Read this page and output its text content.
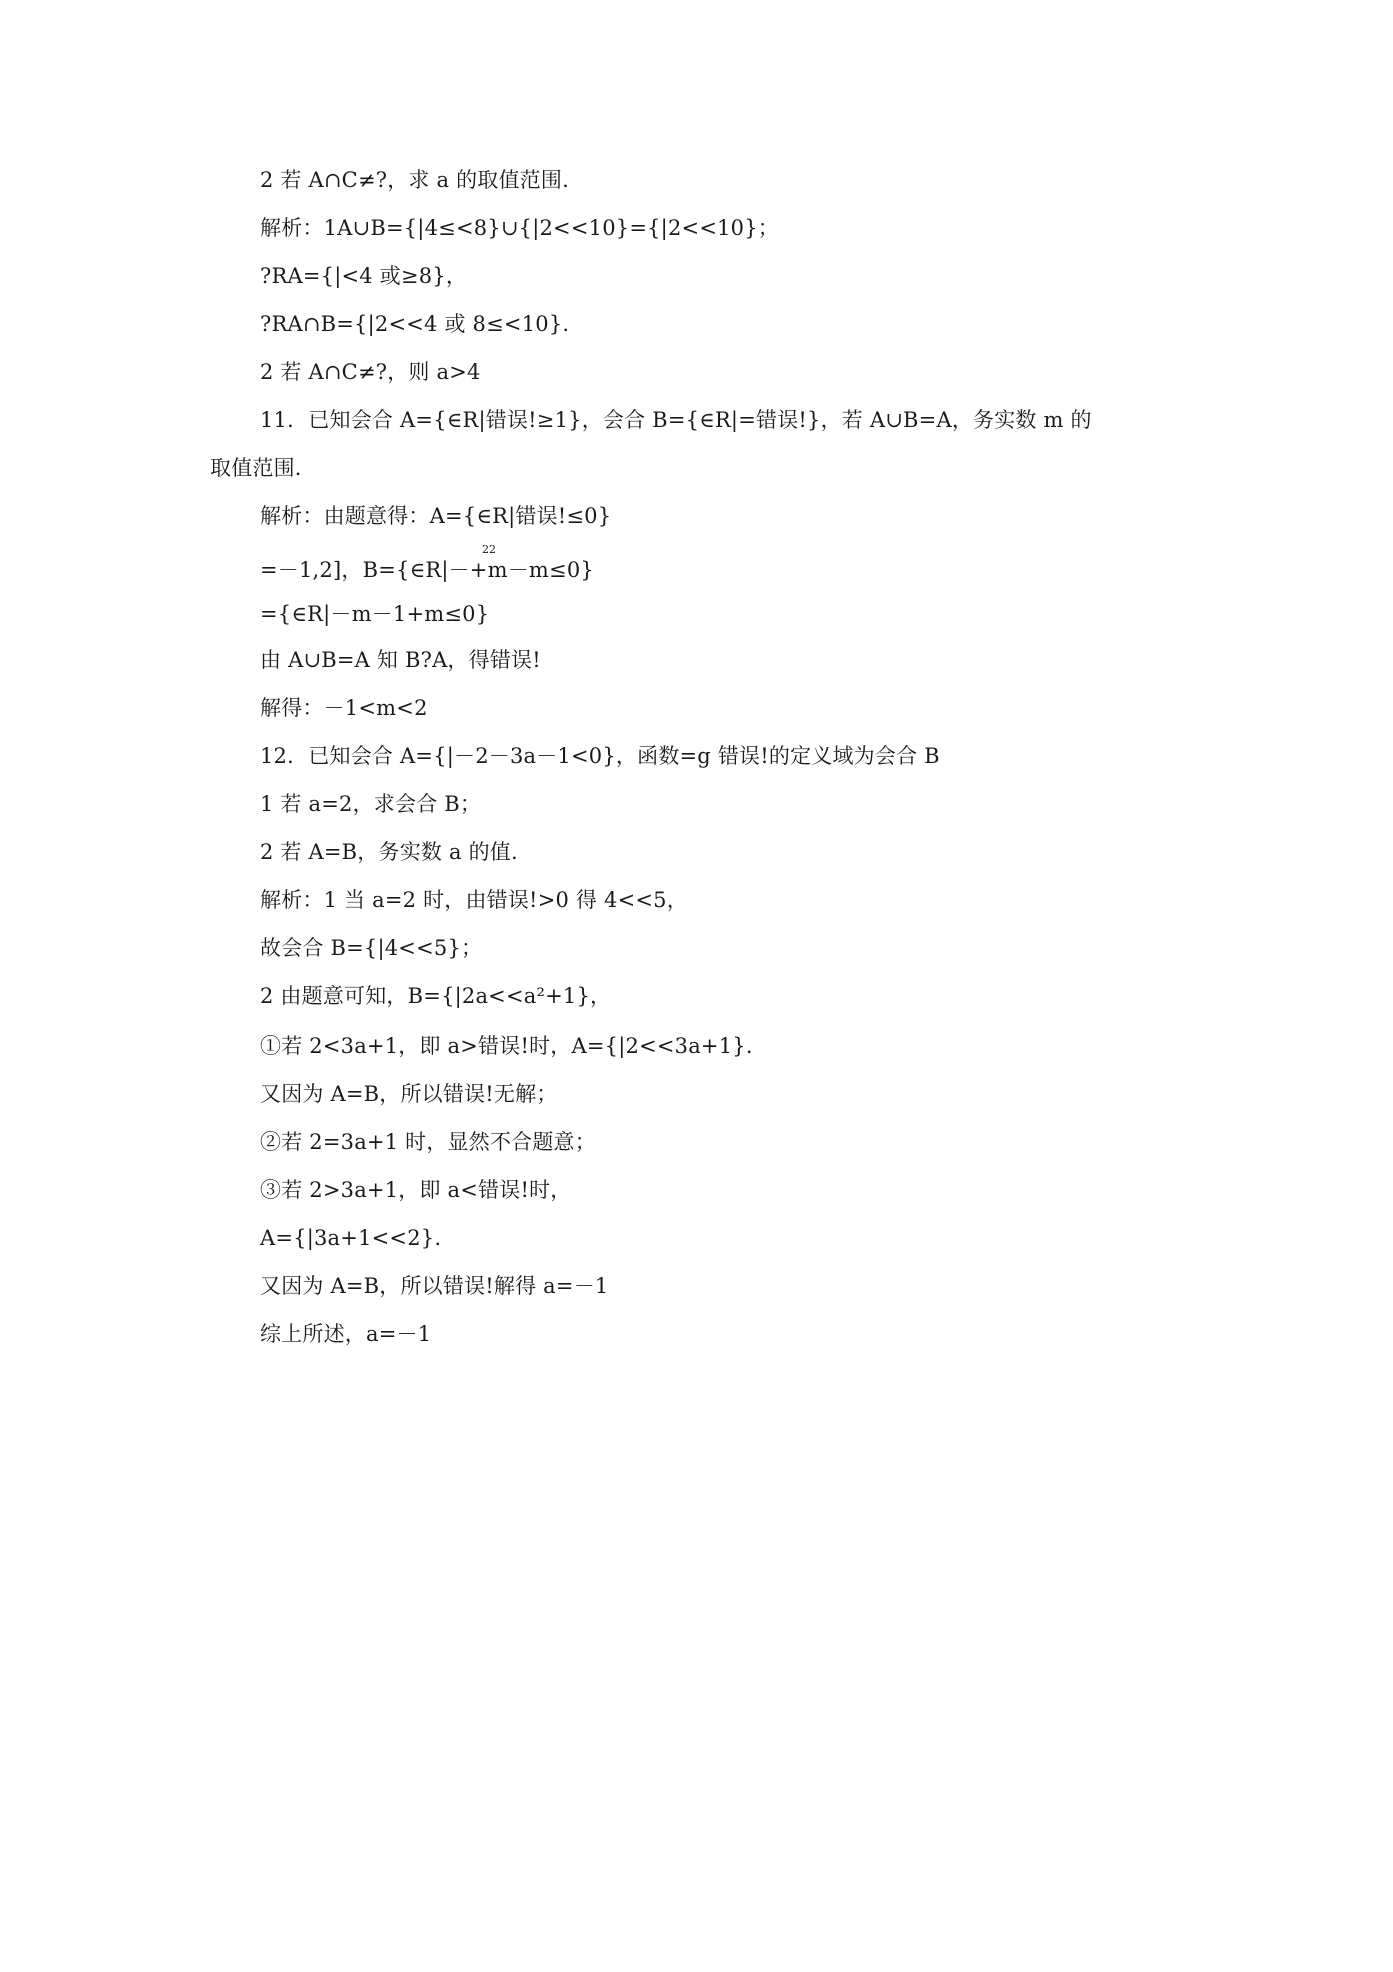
2 若 A∩C≠?，求 a 的取值范围.
解析：1A∪B={|4≤<8}∪{|2<<10}={|2<<10}；
?RA={|<4 或≥8}，
?RA∩B={|2<<4 或 8≤<10}.
2 若 A∩C≠?，则 a>4
11．已知会合 A={∈R|错误!≥1}，会合 B={∈R|=错误!}，若 A∪B=A，务实数 m 的
取值范围.
解析：由题意得：A={∈R|错误!≤0}
22
=－1,2]，B={∈R|－+m－m≤0}
={∈R|－m－1+m≤0}
由 A∪B=A 知 B?A，得错误!
解得：－1<m<2
12．已知会合 A={|－2－3a－1<0}，函数=g 错误!的定义域为会合 B
1 若 a=2，求会合 B；
2 若 A=B，务实数 a 的值.
解析：1 当 a=2 时，由错误!>0 得 4<<5，
故会合 B={|4<<5}；
2 由题意可知，B={|2a<<a²+1}，
①若 2<3a+1，即 a>错误!时，A={|2<<3a+1}.
又因为 A=B，所以错误!无解；
②若 2=3a+1 时，显然不合题意；
③若 2>3a+1，即 a<错误!时，
A={|3a+1<<2}.
又因为 A=B，所以错误!解得 a=－1
综上所述，a=－1
